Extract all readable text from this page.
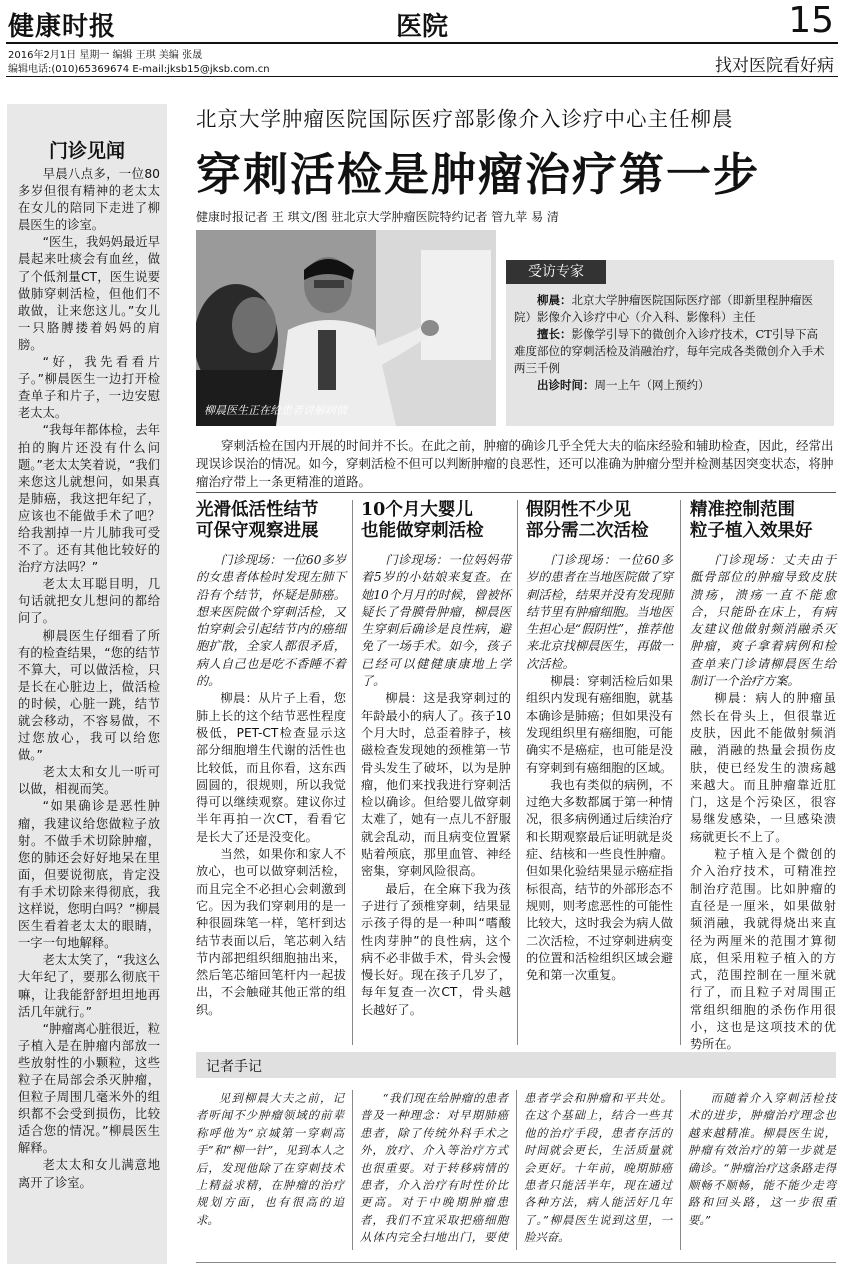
健康时报	医院	15
2016年2月1日 星期一 编辑 王琪 美编 张晟
编辑电话:(010)65369674 E-mail:jksb15@jksb.com.cn	找对医院看好病
门诊见闻

早晨八点多，一位80多岁但很有精神的老太太在女儿的陪同下走进了柳晨医生的诊室。

“医生，我妈妈最近早晨起来吐痰会有血丝，做了个低剂量CT，医生说要做肺穿刺活检，但他们不敢做，让来您这儿。”女儿一只胳膊搂着妈妈的肩膀。

“好，我先看看片子。”柳晨医生一边打开检查单子和片子，一边安慰老太太。

“我每年都体检，去年拍的胸片还没有什么问题。”老太太笑着说，“我们来您这儿就想问，如果真是肺癌，我这把年纪了，应该也不能做手术了吧？给我割掉一片儿肺我可受不了。还有其他比较好的治疗方法吗？”

老太太耳聪目明，几句话就把女儿想问的都给问了。

柳晨医生仔细看了所有的检查结果，“您的结节不算大，可以做活检，只是长在心脏边上，做活检的时候，心脏一跳，结节就会移动，不容易做，不过您放心，我可以给您做。”

老太太和女儿一听可以做，相视而笑。

“如果确诊是恶性肿瘤，我建议给您做粒子放射。不做手术切除肿瘤，您的肺还会好好地呆在里面，但要说彻底，肯定没有手术切除来得彻底，我这样说，您明白吗？”柳晨医生看着老太太的眼睛，一字一句地解释。

老太太笑了，“我这么大年纪了，要那么彻底干嘛，让我能舒舒坦坦地再活几年就行。”

“肿瘤离心脏很近，粒子植入是在肿瘤内部放一些放射性的小颗粒，这些粒子在局部会杀灭肿瘤，但粒子周围几毫米外的组织都不会受到损伤，比较适合您的情况。”柳晨医生解释。

老太太和女儿满意地离开了诊室。

北京大学肿瘤医院国际医疗部影像介入诊疗中心主任柳晨
穿刺活检是肿瘤治疗第一步
健康时报记者 王 琪文/图 驻北京大学肿瘤医院特约记者 管九苹 易 清
柳晨医生正在给患者讲解病情
受访专家

柳晨：北京大学肿瘤医院国际医疗部（即新里程肿瘤医院）影像介入诊疗中心（介入科、影像科）主任

擅长：影像学引导下的微创介入诊疗技术，CT引导下高难度部位的穿刺活检及消融治疗，每年完成各类微创介入手术两三千例

出诊时间：周一上午（网上预约）

穿刺活检在国内开展的时间并不长。在此之前，肿瘤的确诊几乎全凭大夫的临床经验和辅助检查，因此，经常出现误诊误治的情况。如今，穿刺活检不但可以判断肿瘤的良恶性，还可以准确为肿瘤分型并检测基因突变状态，将肿瘤治疗带上一条更精准的道路。
光滑低活性结节
可保守观察进展

门诊现场：一位60多岁的女患者体检时发现左肺下沿有个结节，怀疑是肺癌。想来医院做个穿刺活检，又怕穿刺会引起结节内的癌细胞扩散，全家人都很矛盾，病人自己也是吃不香睡不着的。

柳晨：从片子上看，您肺上长的这个结节恶性程度极低，PET-CT检查显示这部分细胞增生代谢的活性也比较低，而且你看，这东西圆圆的，很规则，所以我觉得可以继续观察。建议你过半年再拍一次CT，看看它是长大了还是没变化。

当然，如果你和家人不放心，也可以做穿刺活检，而且完全不必担心会刺激到它。因为我们穿刺用的是一种很圆珠笔一样，笔杆到达结节表面以后，笔芯刺入结节内部把组织细胞抽出来，然后笔芯缩回笔杆内一起拔出，不会触碰其他正常的组织。

10个月大婴儿
也能做穿刺活检

门诊现场：一位妈妈带着5岁的小姑娘来复查。在她10个月月的时候，曾被怀疑长了骨膜骨肿瘤，柳晨医生穿刺后确诊是良性病，避免了一场手术。如今，孩子已经可以健健康康地上学了。

柳晨：这是我穿刺过的年龄最小的病人了。孩子10个月大时，总歪着脖子，核磁检查发现她的颈椎第一节骨头发生了破坏，以为是肿瘤，他们来找我进行穿刺活检以确诊。但给婴儿做穿刺太难了，她有一点儿不舒服就会乱动，而且病变位置紧贴着颅底，那里血管、神经密集，穿刺风险很高。

最后，在全麻下我为孩子进行了颈椎穿刺，结果显示孩子得的是一种叫“嗜酸性肉芽肿”的良性病，这个病不必非做手术，骨头会慢慢长好。现在孩子几岁了，每年复查一次CT，骨头越长越好了。

假阴性不少见
部分需二次活检

门诊现场：一位60多岁的患者在当地医院做了穿刺活检，结果并没有发现肺结节里有肿瘤细胞。当地医生担心是“假阴性”，推荐他来北京找柳晨医生，再做一次活检。

柳晨：穿刺活检后如果组织内发现有癌细胞，就基本确诊是肺癌；但如果没有发现组织里有癌细胞，可能确实不是癌症，也可能是没有穿刺到有癌细胞的区域。

我也有类似的病例，不过绝大多数都属于第一种情况，很多病例通过后续治疗和长期观察最后证明就是炎症、结核和一些良性肿瘤。但如果化验结果显示癌症指标很高，结节的外部形态不规则，则考虑恶性的可能性比较大，这时我会为病人做二次活检，不过穿刺进病变的位置和活检组织区域会避免和第一次重复。

精准控制范围
粒子植入效果好

门诊现场：丈夫由于骶骨部位的肿瘤导致皮肤溃疡，溃疡一直不能愈合，只能卧在床上，有病友建议他做射频消融杀灭肿瘤，爽子拿着病例和检查单来门诊请柳晨医生给制订一个治疗方案。

柳晨：病人的肿瘤虽然长在骨头上，但很靠近皮肤，因此不能做射频消融，消融的热量会损伤皮肤，使已经发生的溃疡越来越大。而且肿瘤靠近肛门，这是个污染区，很容易继发感染，一旦感染溃疡就更长不上了。

粒子植入是个微创的介入治疗技术，可精准控制治疗范围。比如肿瘤的直径是一厘米，如果做射频消融，我就得烧出来直径为两厘米的范围才算彻底，但采用粒子植入的方式，范围控制在一厘米就行了，而且粒子对周围正常组织细胞的杀伤作用很小，这也是这项技术的优势所在。

记者手记

见到柳晨大夫之前，记者听闻不少肿瘤领域的前辈称呼他为“京城第一穿刺高手”和“柳一针”，见到本人之后，发现他除了在穿刺技术上精益求精，在肿瘤的治疗规划方面，也有很高的追求。

“我们现在给肿瘤的患者普及一种理念：对早期肺癌患者，除了传统外科手术之外，放疗、介入等治疗方式也很重要。对于转移病情的患者，介入治疗有时性价比更高。对于中晚期肿瘤患者，我们不宜采取把癌细胞从体内完全扫地出门，要使患者学会和肿瘤和平共处。在这个基础上，结合一些其他的治疗手段，患者存活的时间就会更长，生活质量就会更好。十年前，晚期肺癌患者只能活半年，现在通过各种方法，病人能活好几年了。”柳晨医生说到这里，一脸兴奋。

而随着介入穿刺活检技术的进步，肿瘤治疗理念也越来越精准。柳晨医生说，肿瘤有效治疗的第一步就是确诊。“肿瘤治疗这条路走得顺畅不顺畅，能不能少走弯路和回头路，这一步很重要。”
